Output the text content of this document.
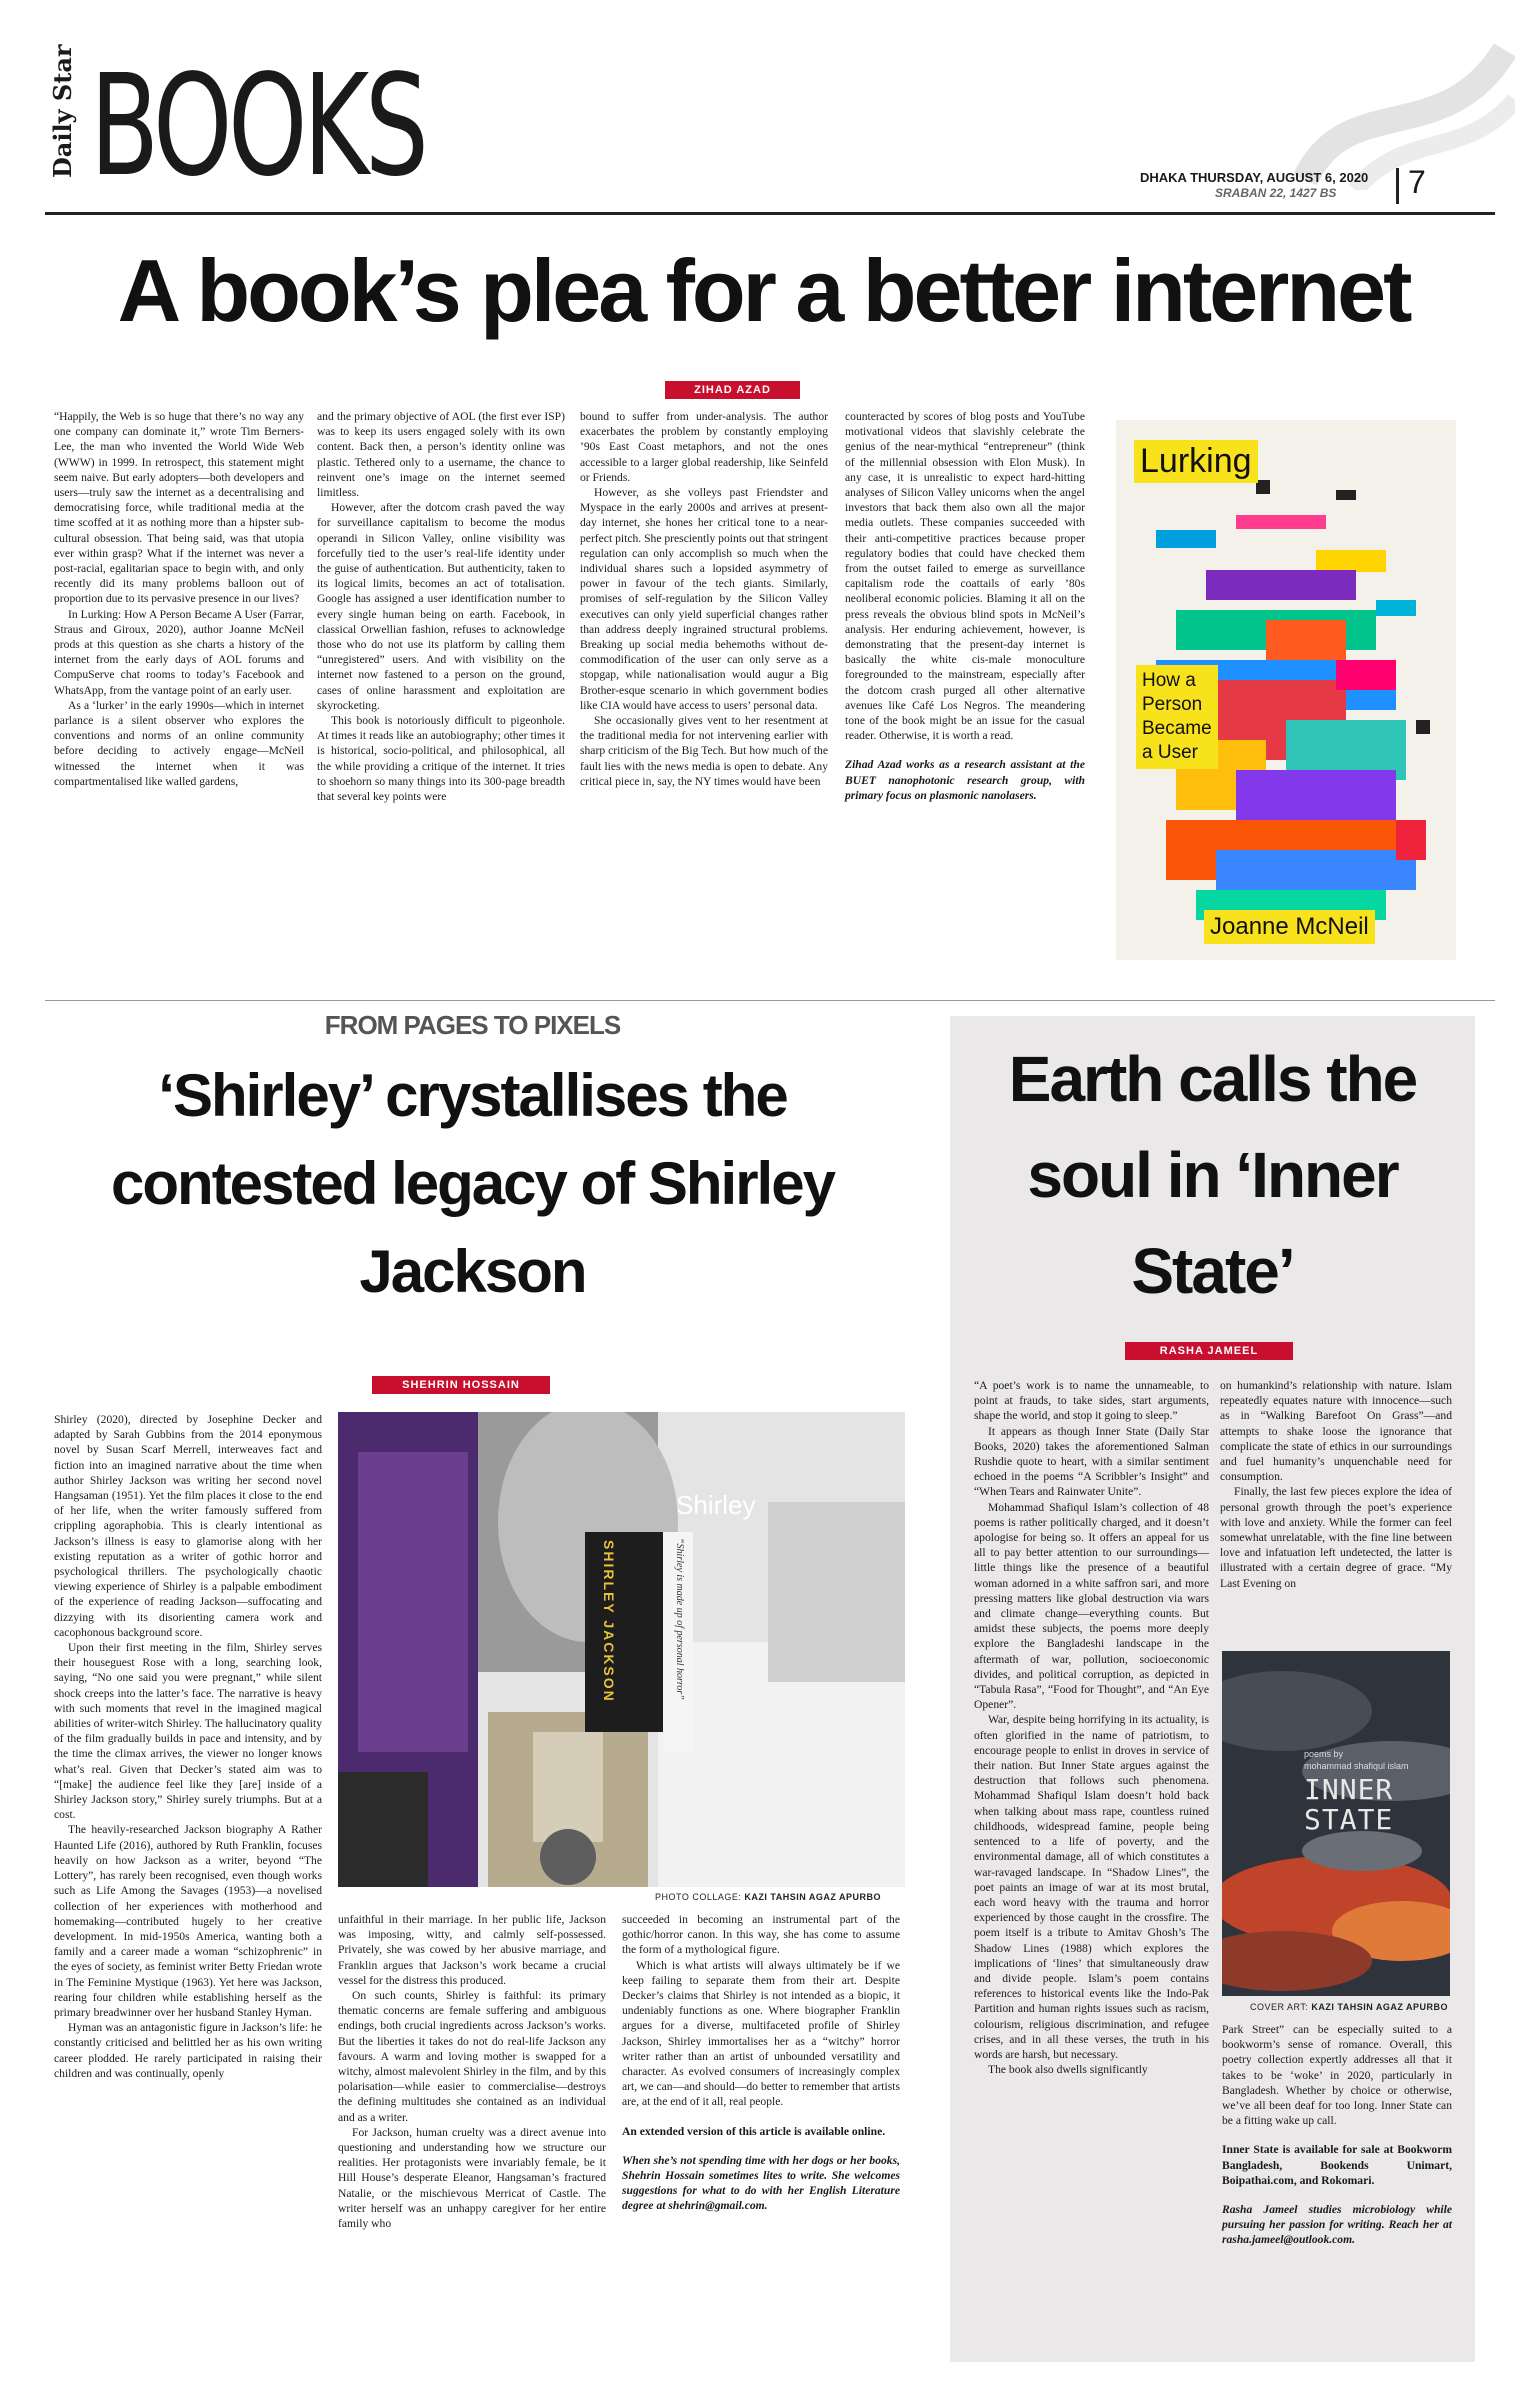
Daily Star BOOKS	DHAKA THURSDAY, AUGUST 6, 2020
SRABAN 22, 1427 BS 7
A book’s plea for a better internet
ZIHAD AZAD

“Happily, the Web is so huge that there’s no way any one company can dominate it,” wrote Tim Berners-Lee, the man who invented the World Wide Web (WWW) in 1999. In retrospect, this statement might seem naive. But early adopters—both developers and users—truly saw the internet as a decentralising and democratising force, while traditional media at the time scoffed at it as nothing more than a hipster sub-cultural obsession. That being said, was that utopia ever within grasp? What if the internet was never a post-racial, egalitarian space to begin with, and only recently did its many problems balloon out of proportion due to its pervasive presence in our lives?

In Lurking: How A Person Became A User (Farrar, Straus and Giroux, 2020), author Joanne McNeil prods at this question as she charts a history of the internet from the early days of AOL forums and CompuServe chat rooms to today’s Facebook and WhatsApp, from the vantage point of an early user.

As a ‘lurker’ in the early 1990s—which in internet parlance is a silent observer who explores the conventions and norms of an online community before deciding to actively engage—McNeil witnessed the internet when it was compartmentalised like walled gardens,

and the primary objective of AOL (the first ever ISP) was to keep its users engaged solely with its own content. Back then, a person’s identity online was plastic. Tethered only to a username, the chance to reinvent one’s image on the internet seemed limitless.

However, after the dotcom crash paved the way for surveillance capitalism to become the modus operandi in Silicon Valley, online visibility was forcefully tied to the user’s real-life identity under the guise of authentication. But authenticity, taken to its logical limits, becomes an act of totalisation. Google has assigned a user identification number to every single human being on earth. Facebook, in classical Orwellian fashion, refuses to acknowledge those who do not use its platform by calling them “unregistered” users. And with visibility on the internet now fastened to a person on the ground, cases of online harassment and exploitation are skyrocketing.

This book is notoriously difficult to pigeonhole. At times it reads like an autobiography; other times it is historical, socio-political, and philosophical, all the while providing a critique of the internet. It tries to shoehorn so many things into its 300-page breadth that several key points were

bound to suffer from under-analysis. The author exacerbates the problem by constantly employing ’90s East Coast metaphors, and not the ones accessible to a larger global readership, like Seinfeld or Friends.

However, as she volleys past Friendster and Myspace in the early 2000s and arrives at present-day internet, she hones her critical tone to a near-perfect pitch. She presciently points out that stringent regulation can only accomplish so much when the individual shares such a lopsided asymmetry of power in favour of the tech giants. Similarly, promises of self-regulation by the Silicon Valley executives can only yield superficial changes rather than address deeply ingrained structural problems. Breaking up social media behemoths without de-commodification of the user can only serve as a stopgap, while nationalisation would augur a Big Brother-esque scenario in which government bodies like CIA would have access to users’ personal data.

She occasionally gives vent to her resentment at the traditional media for not intervening earlier with sharp criticism of the Big Tech. But how much of the fault lies with the news media is open to debate. Any critical piece in, say, the NY times would have been

counteracted by scores of blog posts and YouTube motivational videos that slavishly celebrate the genius of the near-mythical “entrepreneur” (think of the millennial obsession with Elon Musk). In any case, it is unrealistic to expect hard-hitting analyses of Silicon Valley unicorns when the angel investors that back them also own all the major media outlets. These companies succeeded with their anti-competitive practices because proper regulatory bodies that could have checked them from the outset failed to emerge as surveillance capitalism rode the coattails of early ’80s neoliberal economic policies. Blaming it all on the press reveals the obvious blind spots in McNeil’s analysis. Her enduring achievement, however, is demonstrating that the present-day internet is basically the white cis-male monoculture foregrounded to the mainstream, especially after the dotcom crash purged all other alternative avenues like Café Los Negros. The meandering tone of the book might be an issue for the casual reader. Otherwise, it is worth a read.

Zihad Azad works as a research assistant at the BUET nanophotonic research group, with primary focus on plasmonic nanolasers.

Lurking
How a
Person
Became
a User
Joanne McNeil
FROM PAGES TO PIXELS
‘Shirley’ crystallises the
contested legacy of Shirley
Jackson
SHEHRIN HOSSAIN

Shirley (2020), directed by Josephine Decker and adapted by Sarah Gubbins from the 2014 eponymous novel by Susan Scarf Merrell, interweaves fact and fiction into an imagined narrative about the time when author Shirley Jackson was writing her second novel Hangsaman (1951). Yet the film places it close to the end of her life, when the writer famously suffered from crippling agoraphobia. This is clearly intentional as Jackson’s illness is easy to glamorise along with her existing reputation as a writer of gothic horror and psychological thrillers. The psychologically chaotic viewing experience of Shirley is a palpable embodiment of the experience of reading Jackson—suffocating and dizzying with its disorienting camera work and cacophonous background score.

Upon their first meeting in the film, Shirley serves their houseguest Rose with a long, searching look, saying, “No one said you were pregnant,” while silent shock creeps into the latter’s face. The narrative is heavy with such moments that revel in the imagined magical abilities of writer-witch Shirley. The hallucinatory quality of the film gradually builds in pace and intensity, and by the time the climax arrives, the viewer no longer knows what’s real. Given that Decker’s stated aim was to “[make] the audience feel like they [are] inside of a Shirley Jackson story,” Shirley surely triumphs. But at a cost.

The heavily-researched Jackson biography A Rather Haunted Life (2016), authored by Ruth Franklin, focuses heavily on how Jackson as a writer, beyond “The Lottery”, has rarely been recognised, even though works such as Life Among the Savages (1953)—a novelised collection of her experiences with motherhood and homemaking—contributed hugely to her creative development. In mid-1950s America, wanting both a family and a career made a woman “schizophrenic” in the eyes of society, as feminist writer Betty Friedan wrote in The Feminine Mystique (1963). Yet here was Jackson, rearing four children while establishing herself as the primary breadwinner over her husband Stanley Hyman.

Hyman was an antagonistic figure in Jackson’s life: he constantly criticised and belittled her as his own writing career plodded. He rarely participated in raising their children and was continually, openly

Shirley
SHIRLEY JACKSON	“Shirley is made up of personal horror”
PHOTO COLLAGE: KAZI TAHSIN AGAZ APURBO

unfaithful in their marriage. In her public life, Jackson was imposing, witty, and calmly self-possessed. Privately, she was cowed by her abusive marriage, and Franklin argues that Jackson’s work became a crucial vessel for the distress this produced.

On such counts, Shirley is faithful: its primary thematic concerns are female suffering and ambiguous endings, both crucial ingredients across Jackson’s works. But the liberties it takes do not do real-life Jackson any favours. A warm and loving mother is swapped for a witchy, almost malevolent Shirley in the film, and by this polarisation—while easier to commercialise—destroys the defining multitudes she contained as an individual and as a writer.

For Jackson, human cruelty was a direct avenue into questioning and understanding how we structure our realities. Her protagonists were invariably female, be it Hill House’s desperate Eleanor, Hangsaman’s fractured Natalie, or the mischievous Merricat of Castle. The writer herself was an unhappy caregiver for her entire family who

succeeded in becoming an instrumental part of the gothic/horror canon. In this way, she has come to assume the form of a mythological figure.

Which is what artists will always ultimately be if we keep failing to separate them from their art. Despite Decker’s claims that Shirley is not intended as a biopic, it undeniably functions as one. Where biographer Franklin argues for a diverse, multifaceted profile of Shirley Jackson, Shirley immortalises her as a “witchy” horror writer rather than an artist of unbounded versatility and character. As evolved consumers of increasingly complex art, we can—and should—do better to remember that artists are, at the end of it all, real people.

An extended version of this article is available online.

When she’s not spending time with her dogs or her books, Shehrin Hossain sometimes lites to write. She welcomes suggestions for what to do with her English Literature degree at shehrin@gmail.com.

Earth calls the
soul in ‘Inner
State’
RASHA JAMEEL

“A poet’s work is to name the unnameable, to point at frauds, to take sides, start arguments, shape the world, and stop it going to sleep.”

It appears as though Inner State (Daily Star Books, 2020) takes the aforementioned Salman Rushdie quote to heart, with a similar sentiment echoed in the poems “A Scribbler’s Insight” and “When Tears and Rainwater Unite”.

Mohammad Shafiqul Islam’s collection of 48 poems is rather politically charged, and it doesn’t apologise for being so. It offers an appeal for us all to pay better attention to our surroundings—little things like the presence of a beautiful woman adorned in a white saffron sari, and more pressing matters like global destruction via wars and climate change—everything counts. But amidst these subjects, the poems more deeply explore the Bangladeshi landscape in the aftermath of war, pollution, socioeconomic divides, and political corruption, as depicted in “Tabula Rasa”, “Food for Thought”, and “An Eye Opener”.

War, despite being horrifying in its actuality, is often glorified in the name of patriotism, to encourage people to enlist in droves in service of their nation. But Inner State argues against the destruction that follows such phenomena. Mohammad Shafiqul Islam doesn’t hold back when talking about mass rape, countless ruined childhoods, widespread famine, people being sentenced to a life of poverty, and the environmental damage, all of which constitutes a war-ravaged landscape. In “Shadow Lines”, the poet paints an image of war at its most brutal, each word heavy with the trauma and horror experienced by those caught in the crossfire. The poem itself is a tribute to Amitav Ghosh’s The Shadow Lines (1988) which explores the implications of ‘lines’ that simultaneously draw and divide people. Islam’s poem contains references to historical events like the Indo-Pak Partition and human rights issues such as racism, colourism, religious discrimination, and refugee crises, and in all these verses, the truth in his words are harsh, but necessary.

The book also dwells significantly

on humankind’s relationship with nature. Islam repeatedly equates nature with innocence—such as in “Walking Barefoot On Grass”—and attempts to shake loose the ignorance that complicate the state of ethics in our surroundings and fuel humanity’s unquenchable need for consumption.

Finally, the last few pieces explore the idea of personal growth through the poet’s experience with love and anxiety. While the former can feel somewhat unrelatable, with the fine line between love and infatuation left undetected, the latter is illustrated with a certain degree of grace. “My Last Evening on

poems by
mohammad shafiqul islam
INNER
STATE
COVER ART: KAZI TAHSIN AGAZ APURBO

Park Street” can be especially suited to a bookworm’s sense of romance. Overall, this poetry collection expertly addresses all that it takes to be ‘woke’ in 2020, particularly in Bangladesh. Whether by choice or otherwise, we’ve all been deaf for too long. Inner State can be a fitting wake up call.

Inner State is available for sale at Bookworm Bangladesh, Bookends Unimart, Boipathai.com, and Rokomari.

Rasha Jameel studies microbiology while pursuing her passion for writing. Reach her at rasha.jameel@outlook.com.
